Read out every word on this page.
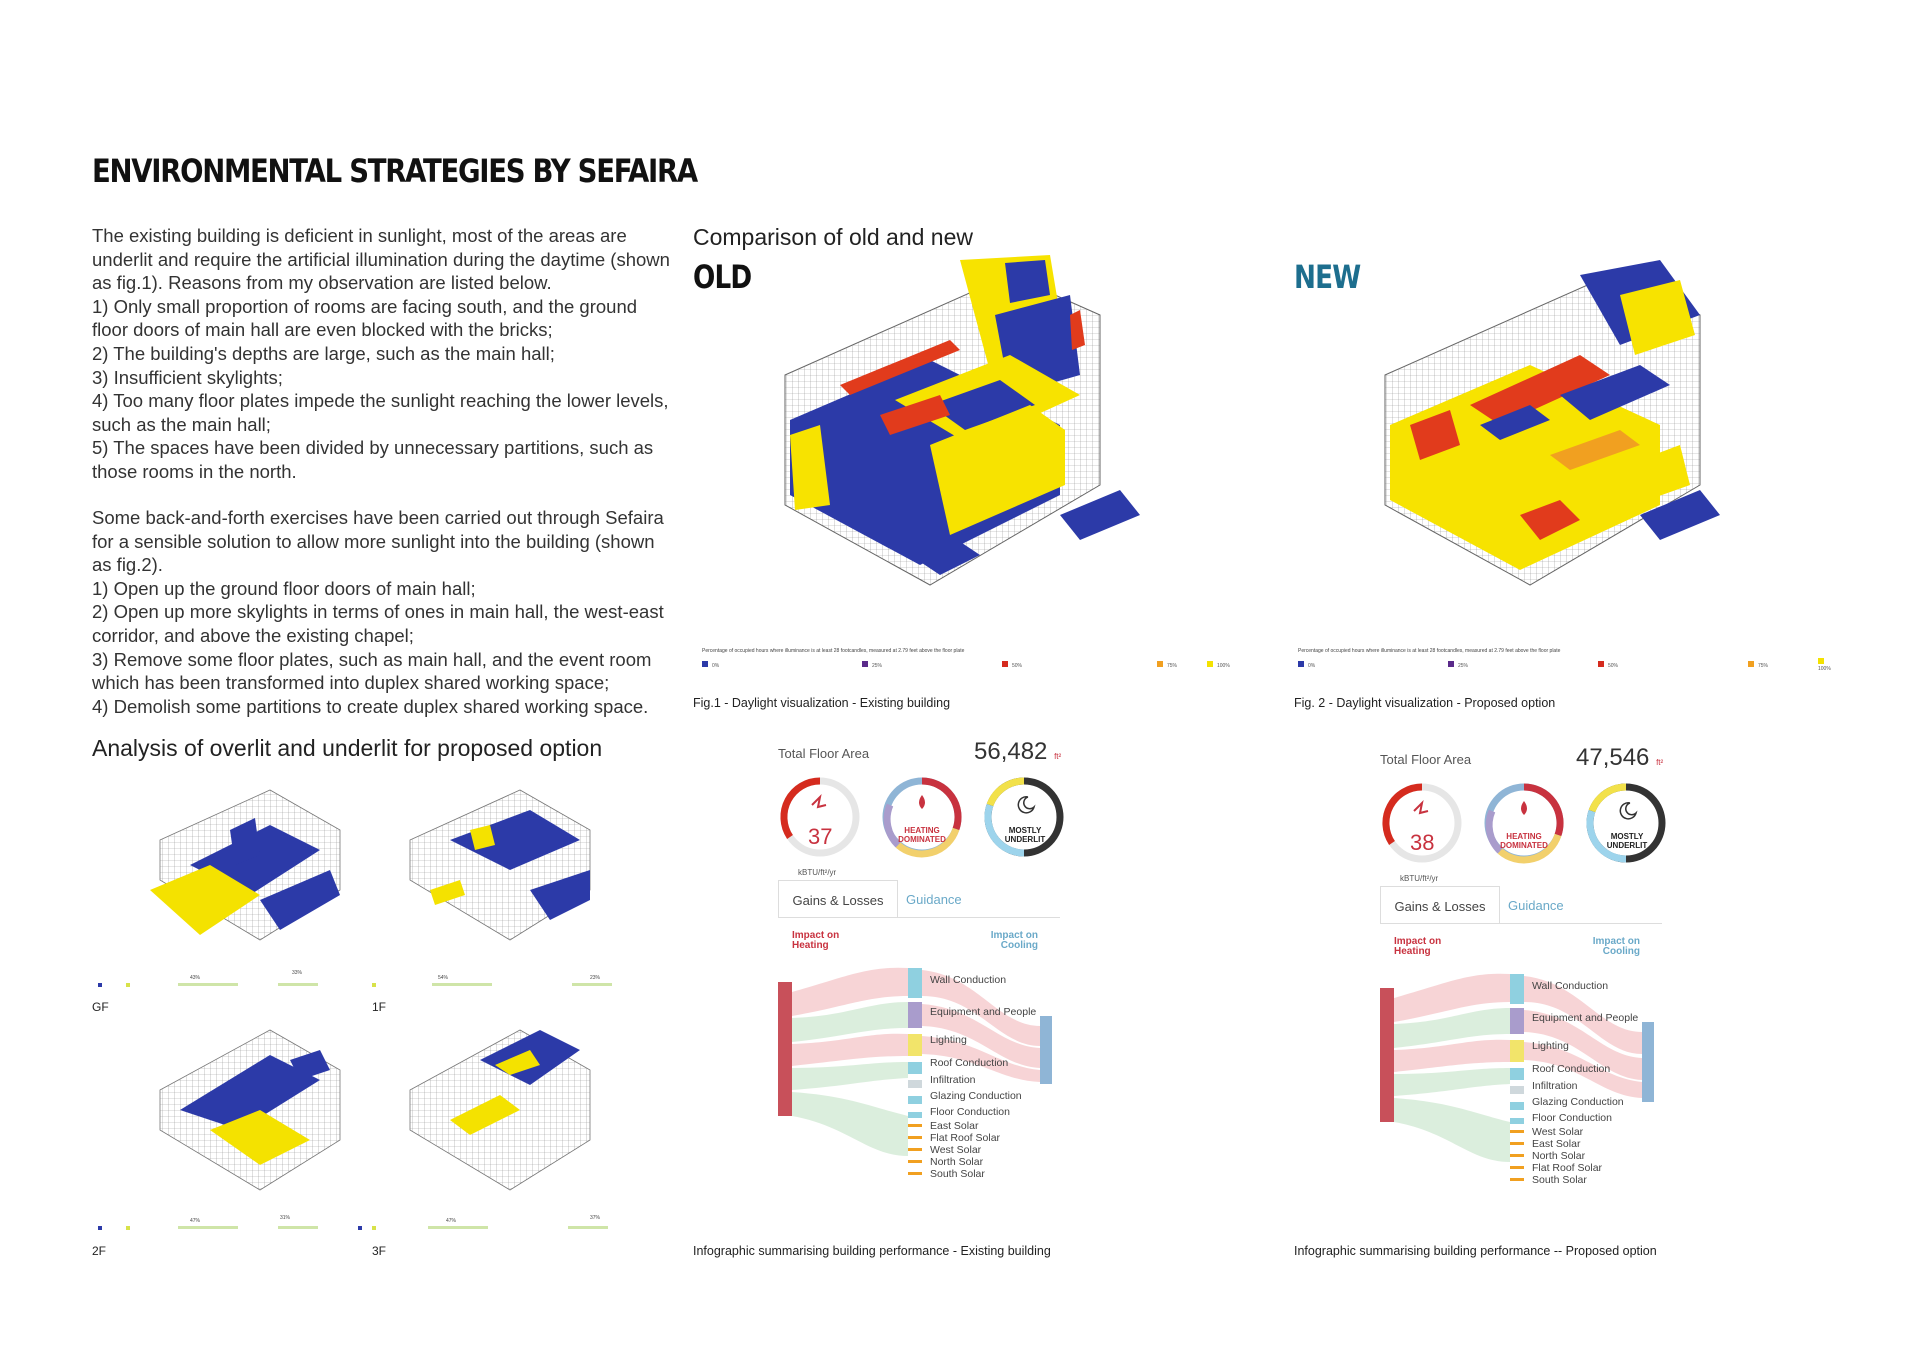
ENVIRONMENTAL STRATEGIES BY SEFAIRA
The existing building is deficient in sunlight, most of the areas are
underlit and require the artificial illumination during the daytime (shown
as fig.1). Reasons from my observation are listed below.
1) Only small proportion of rooms are facing south, and the ground
floor doors of main hall are even blocked with the bricks;
2) The building's depths are large, such as the main hall;
3) Insufficient skylights;
4) Too many floor plates impede the sunlight reaching the lower levels,
such as the main hall;
5) The spaces have been divided by unnecessary partitions, such as
those rooms in the north.
Some back-and-forth exercises have been carried out through Sefaira
for a sensible solution to allow more sunlight into the building (shown
as fig.2).
1) Open up the ground floor doors of main hall;
2) Open up more skylights in terms of ones in main hall, the west-east
corridor, and above the existing chapel;
3) Remove some floor plates, such as main hall, and the event room
which has been transformed into duplex shared working space;
4) Demolish some partitions to create duplex shared working space.
Analysis of overlit and underlit for proposed option
43%
33%
GF
54%	23%
1F
47%	31%
2F
47%	37%
3F
Comparison of old and new
OLD	NEW
Percentage of occupied hours where illuminance is at least 28 footcandles, measured at 2.79 feet above the floor plate
0%	25%	50%	75%	100%
Percentage of occupied hours where illuminance is at least 28 footcandles, measured at 2.79 feet above the floor plate
0%	25%	50%	75%	100%
Fig.1 - Daylight visualization - Existing building	Fig. 2 - Daylight visualization - Proposed option
Total Floor Area	56,482 ft²
37
kBTU/ft²/yr
HEATING DOMINATED
MOSTLY UNDERLIT
Gains & Losses	Guidance
Impact on Heating
Impact on Cooling
Wall Conduction
Equipment and People
Lighting
Roof Conduction
Infiltration
Glazing Conduction
Floor Conduction
East Solar
Flat Roof Solar
West Solar
North Solar
South Solar
Total Floor Area	47,546 ft²
38
kBTU/ft²/yr
HEATING DOMINATED
MOSTLY UNDERLIT
Gains & Losses	Guidance
Impact on Heating
Impact on Cooling
Wall Conduction
Equipment and People
Lighting
Roof Conduction
Infiltration
Glazing Conduction
Floor Conduction
West Solar
East Solar
North Solar
Flat Roof Solar
South Solar
Infographic summarising building performance - Existing building	Infographic summarising building performance -- Proposed option
